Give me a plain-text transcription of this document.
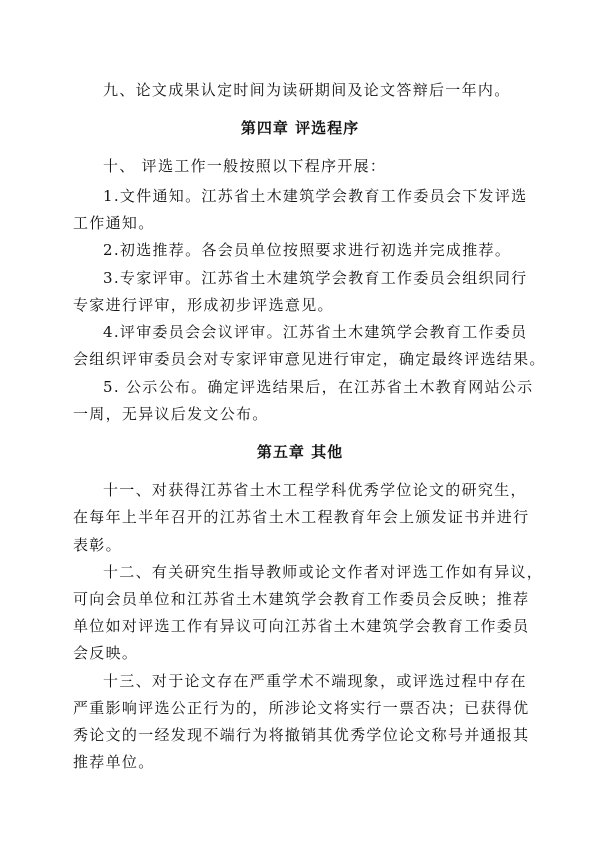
九、论文成果认定时间为读研期间及论文答辩后一年内。
第四章 评选程序
十、 评选工作一般按照以下程序开展：
1.文件通知。江苏省土木建筑学会教育工作委员会下发评选
工作通知。
2.初选推荐。各会员单位按照要求进行初选并完成推荐。
3.专家评审。江苏省土木建筑学会教育工作委员会组织同行
专家进行评审，形成初步评选意见。
4.评审委员会会议评审。江苏省土木建筑学会教育工作委员
会组织评审委员会对专家评审意见进行审定，确定最终评选结果。
5. 公示公布。确定评选结果后，在江苏省土木教育网站公示
一周，无异议后发文公布。
第五章 其他
十一、对获得江苏省土木工程学科优秀学位论文的研究生，
在每年上半年召开的江苏省土木工程教育年会上颁发证书并进行
表彰。
十二、有关研究生指导教师或论文作者对评选工作如有异议，
可向会员单位和江苏省土木建筑学会教育工作委员会反映；推荐
单位如对评选工作有异议可向江苏省土木建筑学会教育工作委员
会反映。
十三、对于论文存在严重学术不端现象，或评选过程中存在
严重影响评选公正行为的，所涉论文将实行一票否决；已获得优
秀论文的一经发现不端行为将撤销其优秀学位论文称号并通报其
推荐单位。
